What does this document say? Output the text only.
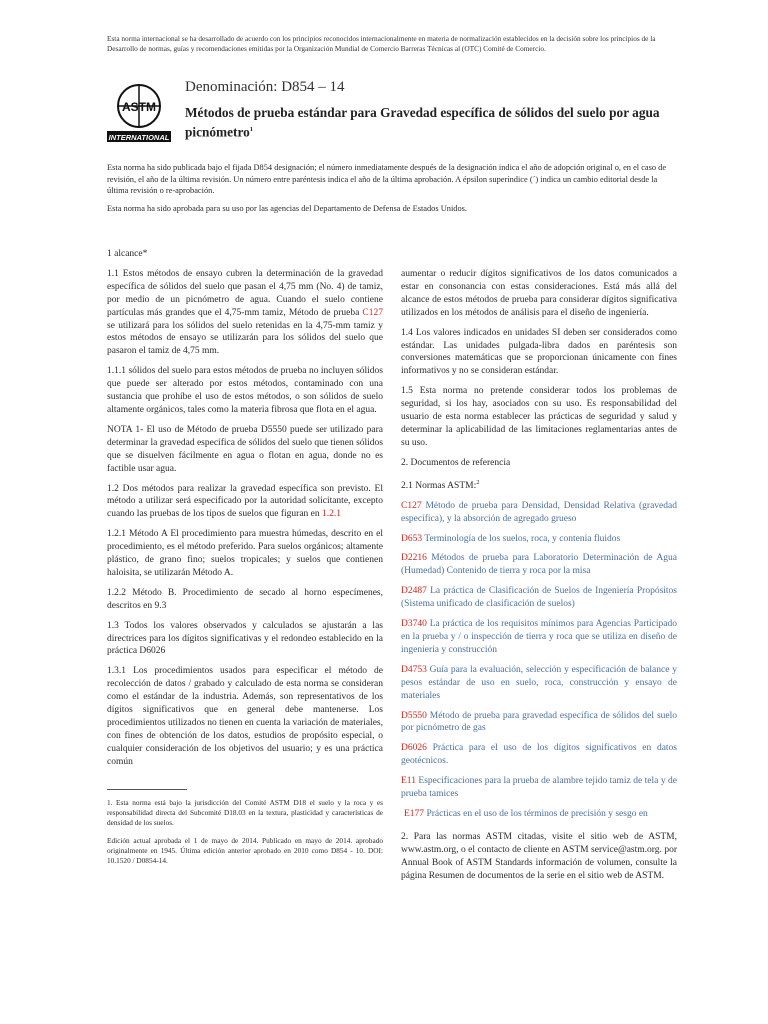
Esta norma internacional se ha desarrollado de acuerdo con los principios reconocidos internacionalmente en materia de normalización establecidos en la decisión sobre los principios de la Desarrollo de normas, guías y recomendaciones emitidas por la Organización Mundial de Comercio Barreras Técnicas al (OTC) Comité de Comercio.
ASTM
INTERNATIONAL
Denominación: D854 – 14
Métodos de prueba estándar para Gravedad específica de sólidos del suelo por agua picnómetro$^1$

Esta norma ha sido publicada bajo el fijada D854 designación; el número inmediatamente después de la designación indica el año de adopción original o, en el caso de revisión, el año de la última revisión. Un número entre paréntesis indica el año de la última aprobación. A épsilon superíndice (´) indica un cambio editorial desde la última revisión o re-aprobación.

Esta norma ha sido aprobada para su uso por las agencias del Departamento de Defensa de Estados Unidos.

1 alcance*

1.1 Estos métodos de ensayo cubren la determinación de la gravedad específica de sólidos del suelo que pasan el 4,75 mm (No. 4) de tamiz, por medio de un picnómetro de agua. Cuando el suelo contiene partículas más grandes que el 4,75-mm tamiz, Método de prueba C127 se utilizará para los sólidos del suelo retenidas en la 4,75-mm tamiz y estos métodos de ensayo se utilizarán para los sólidos del suelo que pasaron el tamiz de 4,75 mm.

1.1.1 sólidos del suelo para estos métodos de prueba no incluyen sólidos que puede ser alterado por estos métodos, contaminado con una sustancia que prohíbe el uso de estos métodos, o son sólidos de suelo altamente orgánicos, tales como la materia fibrosa que flota en el agua.

NOTA 1- El uso de Método de prueba D5550 puede ser utilizado para determinar la gravedad específica de sólidos del suelo que tienen sólidos que se disuelven fácilmente en agua o flotan en agua, donde no es factible usar agua.

1.2 Dos métodos para realizar la gravedad específica son previsto. El método a utilizar será especificado por la autoridad solicitante, excepto cuando las pruebas de los tipos de suelos que figuran en 1.2.1

1.2.1 Método A El procedimiento para muestra húmedas, descrito en el procedimiento, es el método preferido. Para suelos orgánicos; altamente plástico, de grano fino; suelos tropicales; y suelos que contienen haloisita, se utilizarán Método A.

1.2.2 Método B. Procedimiento de secado al horno especímenes, descritos en 9.3

1.3 Todos los valores observados y calculados se ajustarán a las directrices para los dígitos significativas y el redondeo establecido en la práctica D6026

1.3.1 Los procedimientos usados para especificar el método de recolección de datos / grabado y calculado de esta norma se consideran como el estándar de la industria. Además, son representativos de los dígitos significativos que en general debe mantenerse. Los procedimientos utilizados no tienen en cuenta la variación de materiales, con fines de obtención de los datos, estudios de propósito especial, o cualquier consideración de los objetivos del usuario; y es una práctica común

1. Esta norma está bajo la jurisdicción del Comité ASTM D18 el suelo y la roca y es responsabilidad directa del Subcomité D18.03 en la textura, plasticidad y características de densidad de los suelos.

Edición actual aprobada el 1 de mayo de 2014. Publicado en mayo de 2014. aprobado originalmente en 1945. Última edición anterior aprobado en 2010 como D854 - 10. DOI: 10.1520 / D0854-14.

aumentar o reducir dígitos significativos de los datos comunicados a estar en consonancia con estas consideraciones. Está más allá del alcance de estos métodos de prueba para considerar dígitos significativa utilizados en los métodos de análisis para el diseño de ingeniería.

1.4 Los valores indicados en unidades SI deben ser considerados como estándar. Las unidades pulgada-libra dados en paréntesis son conversiones matemáticas que se proporcionan únicamente con fines informativos y no se consideran estándar.

1.5 Esta norma no pretende considerar todos los problemas de seguridad, si los hay, asociados con su uso. Es responsabilidad del usuario de esta norma establecer las prácticas de seguridad y salud y determinar la aplicabilidad de las limitaciones reglamentarias antes de su uso.

2. Documentos de referencia

2.1 Normas ASTM:$^2$

C127 Método de prueba para Densidad, Densidad Relativa (gravedad específica), y la absorción de agregado grueso
D653 Terminología de los suelos, roca, y contenía fluidos
D2216 Métodos de prueba para Laboratorio Determinación de Agua (Humedad) Contenido de tierra y roca por la misa
D2487 La práctica de Clasificación de Suelos de Ingeniería Propósitos (Sistema unificado de clasificación de suelos)
D3740 La práctica de los requisitos mínimos para Agencias Participado en la prueba y / o inspección de tierra y roca que se utiliza en diseño de ingeniería y construcción
D4753 Guía para la evaluación, selección y especificación de balance y pesos estándar de uso en suelo, roca, construcción y ensayo de materiales
D5550 Método de prueba para gravedad específica de sólidos del suelo por picnómetro de gas
D6026 Práctica para el uso de los dígitos significativos en datos geotécnicos.
E11 Especificaciones para la prueba de alambre tejido tamiz de tela y de prueba tamices
E177 Prácticas en el uso de los términos de precisión y sesgo en

2. Para las normas ASTM citadas, visite el sitio web de ASTM, www.astm.org, o el contacto de cliente en ASTM service@astm.org. por Annual Book of ASTM Standards información de volumen, consulte la página Resumen de documentos de la serie en el sitio web de ASTM.
